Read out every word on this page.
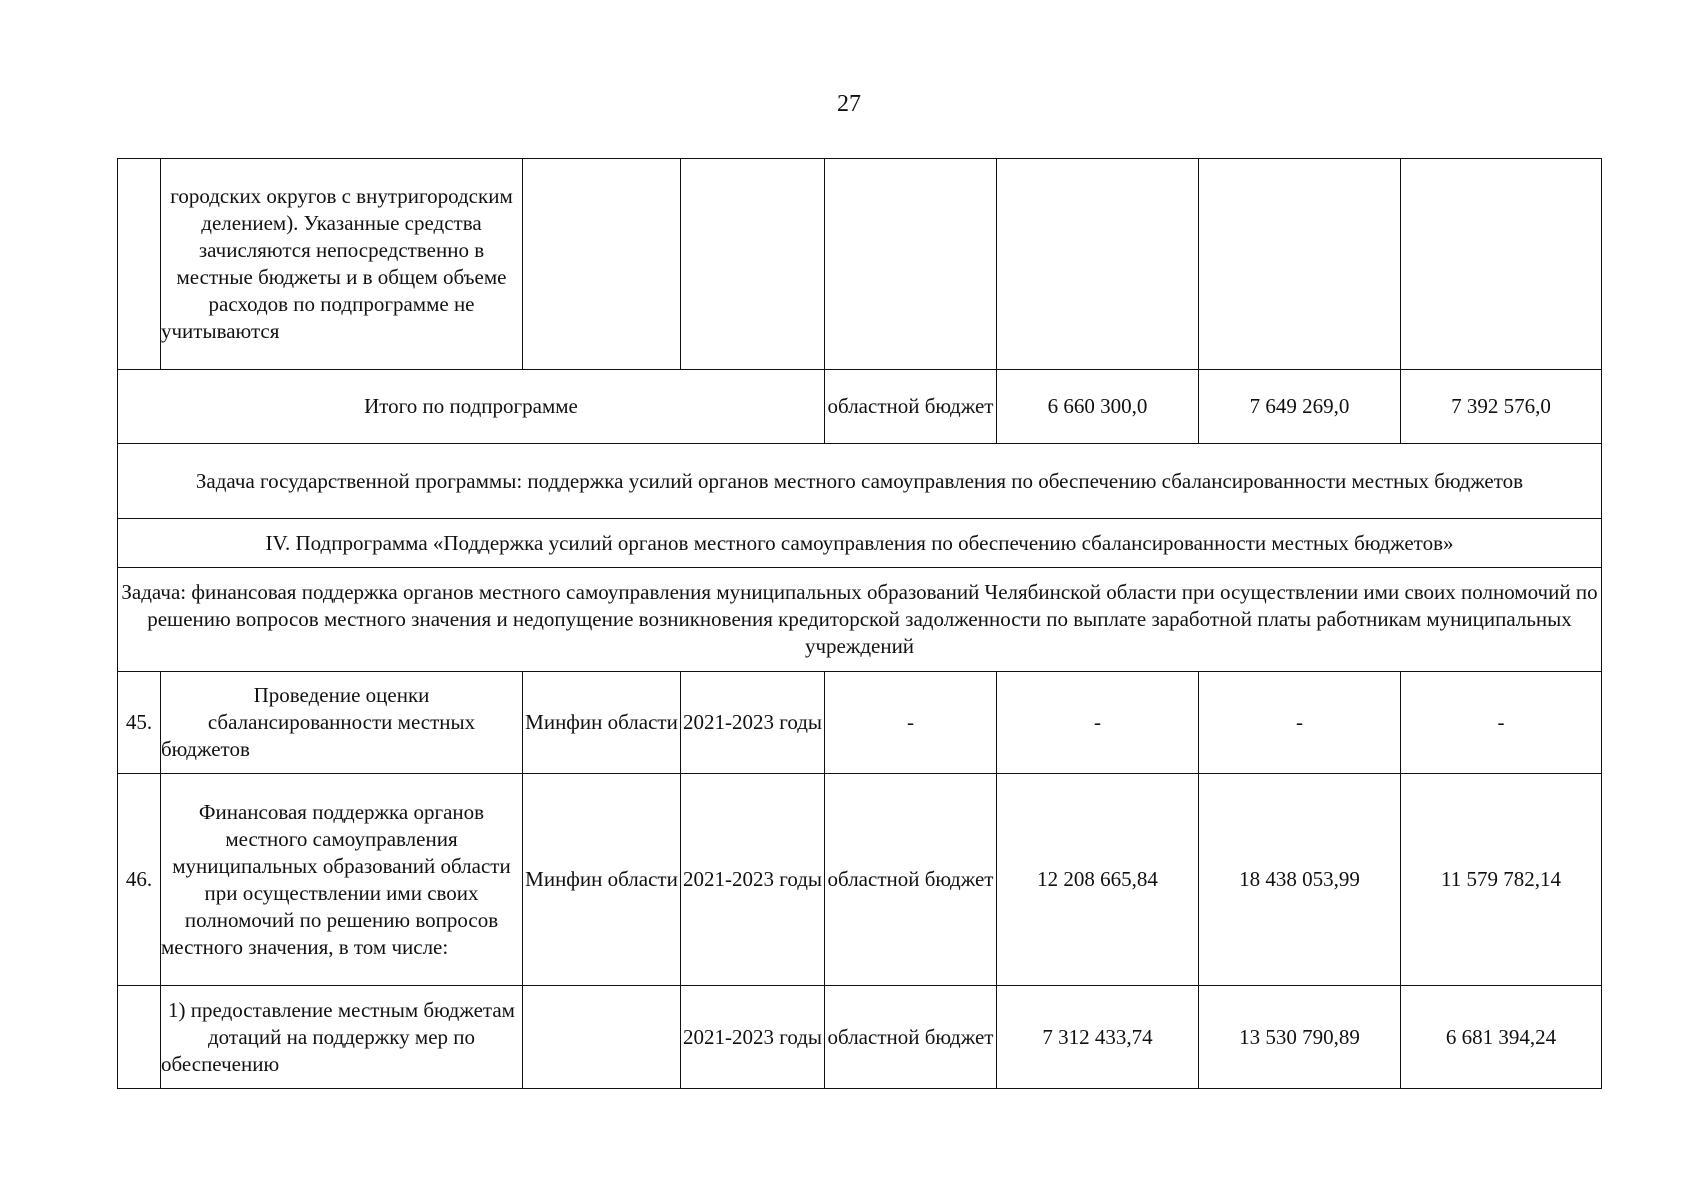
27
	городских округов с внутригородским делением). Указанные средства зачисляются непосредственно в местные бюджеты и в общем объеме расходов по подпрограмме не учитываются						
Итого по подпрограмме				областной бюджет	6 660 300,0	7 649 269,0	7 392 576,0
Задача государственной программы: поддержка усилий органов местного самоуправления по обеспечению сбалансированности местных бюджетов							
IV. Подпрограмма «Поддержка усилий органов местного самоуправления по обеспечению сбалансированности местных бюджетов»							
Задача: финансовая поддержка органов местного самоуправления муниципальных образований Челябинской области при осуществлении ими своих полномочий по решению вопросов местного значения и недопущение возникновения кредиторской задолженности по выплате заработной платы работникам муниципальных учреждений							
45.	Проведение оценки сбалансированности местных бюджетов	Минфин области	2021-2023 годы	-	-	-	-
46.	Финансовая поддержка органов местного самоуправления муниципальных образований области при осуществлении ими своих полномочий по решению вопросов местного значения, в том числе:	Минфин области	2021-2023 годы	областной бюджет	12 208 665,84	18 438 053,99	11 579 782,14
	1) предоставление местным бюджетам дотаций на поддержку мер по обеспечению		2021-2023 годы	областной бюджет	7 312 433,74	13 530 790,89	6 681 394,24
